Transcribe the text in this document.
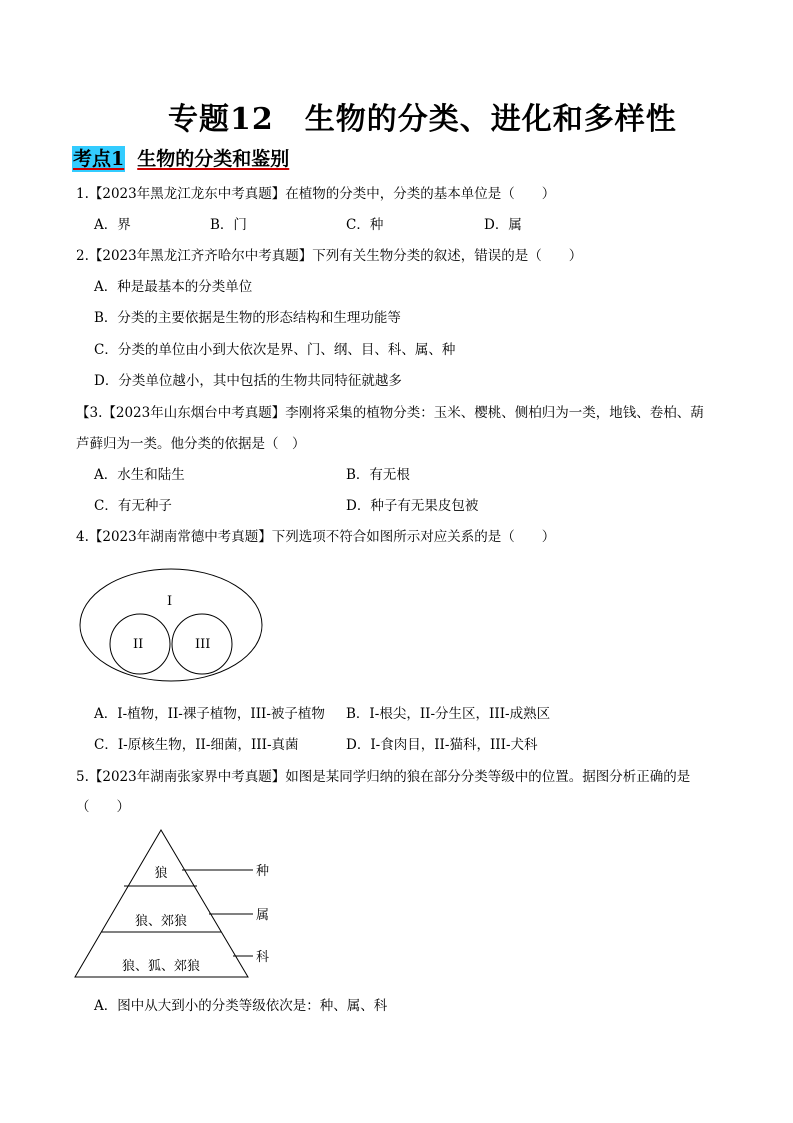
专题12　生物的分类、进化和多样性
考点1 生物的分类和鉴别
1.【2023年黑龙江龙东中考真题】在植物的分类中，分类的基本单位是（　　）
A．界	B．门	C．种	D．属
2.【2023年黑龙江齐齐哈尔中考真题】下列有关生物分类的叙述，错误的是（　　）
A．种是最基本的分类单位
B．分类的主要依据是生物的形态结构和生理功能等
C．分类的单位由小到大依次是界、门、纲、目、科、属、种
D．分类单位越小，其中包括的生物共同特征就越多
【3.【2023年山东烟台中考真题】李刚将采集的植物分类：玉米、樱桃、侧柏归为一类，地钱、卷柏、葫
芦藓归为一类。他分类的依据是（　）
A．水生和陆生	B．有无根
C．有无种子	D．种子有无果皮包被
4.【2023年湖南常德中考真题】下列选项不符合如图所示对应关系的是（　　）
I
II	III
A．I-植物，II-裸子植物，III-被子植物 B．I-根尖，II-分生区，III-成熟区
C．I-原核生物，II-细菌，III-真菌	D．I-食肉目，II-猫科，III-犬科
5.【2023年湖南张家界中考真题】如图是某同学归纳的狼在部分分类等级中的位置。据图分析正确的是
（　　）
狼
狼、郊狼
狼、狐、郊狼
种
属
科
A．图中从大到小的分类等级依次是：种、属、科
